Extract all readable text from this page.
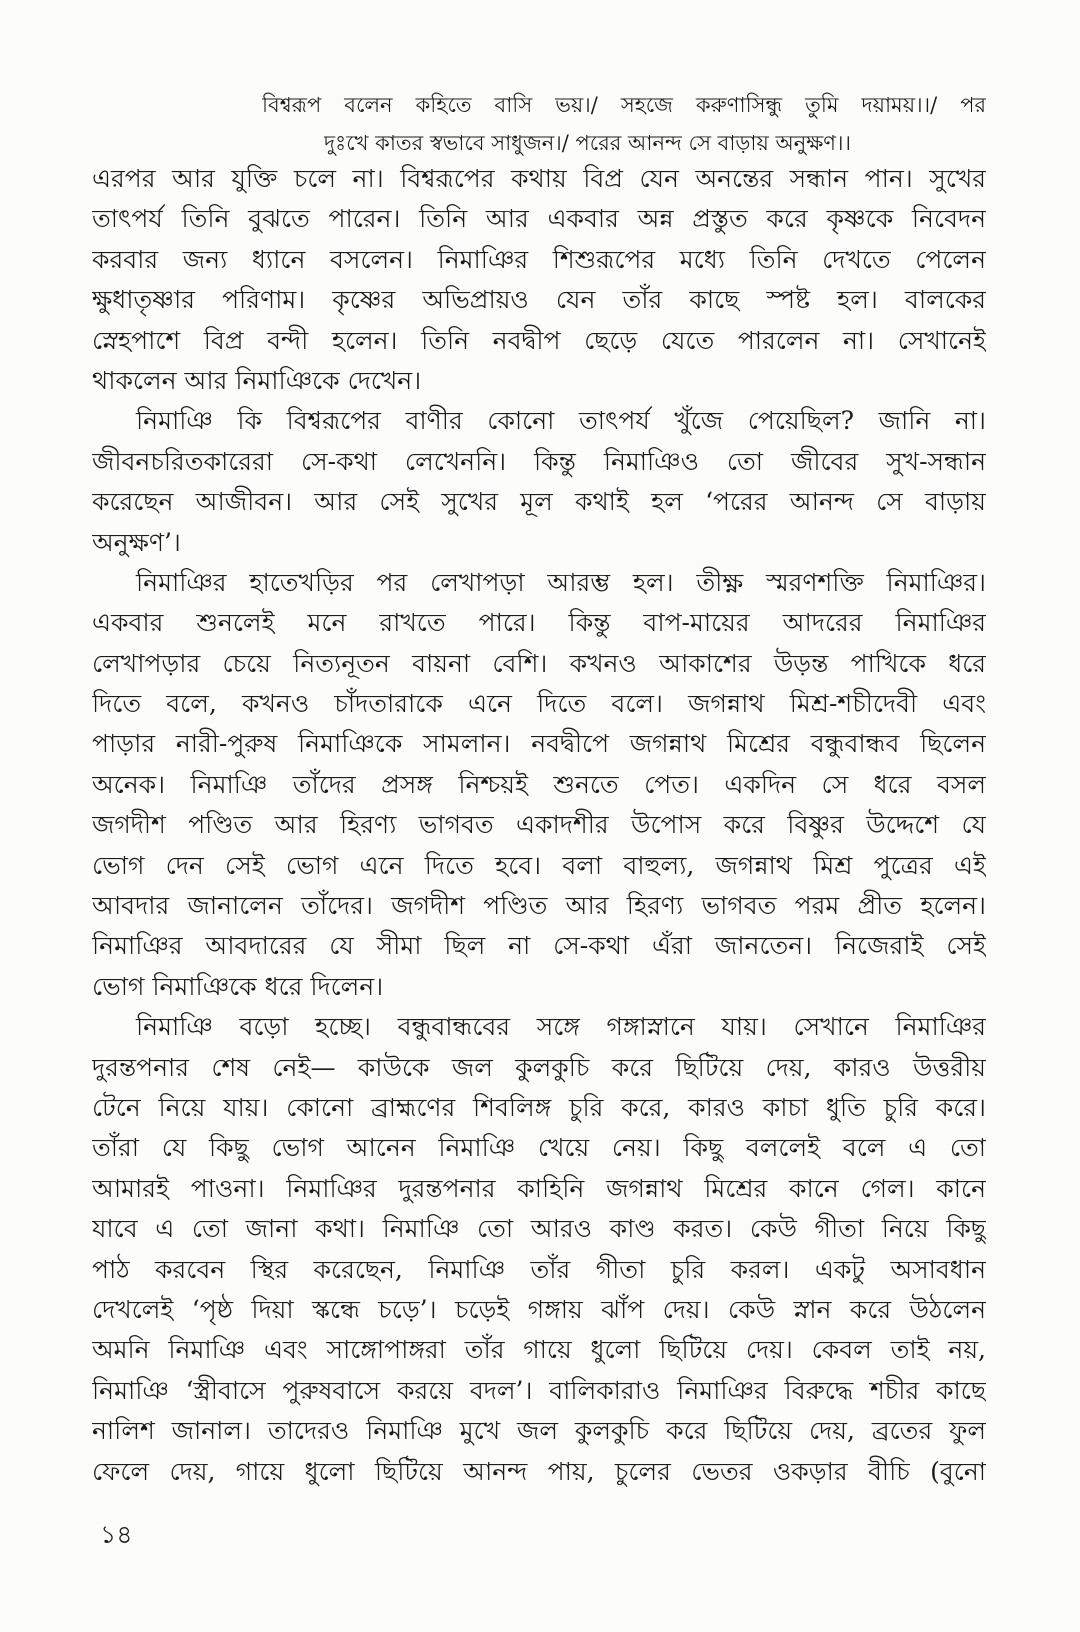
বিশ্বরূপ বলেন কহিতে বাসি ভয়।/ সহজে করুণাসিন্ধু তুমি দয়াময়।।/ পর
দুঃখে কাতর স্বভাবে সাধুজন।/ পরের আনন্দ সে বাড়ায় অনুক্ষণ।।
এরপর আর যুক্তি চলে না। বিশ্বরূপের কথায় বিপ্র যেন অনন্তের সন্ধান পান। সুখের
তাৎপর্য তিনি বুঝতে পারেন। তিনি আর একবার অন্ন প্রস্তুত করে কৃষ্ণকে নিবেদন
করবার জন্য ধ্যানে বসলেন। নিমাঞির শিশুরূপের মধ্যে তিনি দেখতে পেলেন
ক্ষুধাতৃষ্ণার পরিণাম। কৃষ্ণের অভিপ্রায়ও যেন তাঁর কাছে স্পষ্ট হল। বালকের
স্নেহপাশে বিপ্র বন্দী হলেন। তিনি নবদ্বীপ ছেড়ে যেতে পারলেন না। সেখানেই
থাকলেন আর নিমাঞিকে দেখেন।
নিমাঞি কি বিশ্বরূপের বাণীর কোনো তাৎপর্য খুঁজে পেয়েছিল? জানি না।
জীবনচরিতকারেরা সে-কথা লেখেননি। কিন্তু নিমাঞিও তো জীবের সুখ-সন্ধান
করেছেন আজীবন। আর সেই সুখের মূল কথাই হল ‘পরের আনন্দ সে বাড়ায়
অনুক্ষণ’।
নিমাঞির হাতেখড়ির পর লেখাপড়া আরম্ভ হল। তীক্ষ্ণ স্মরণশক্তি নিমাঞির।
একবার শুনলেই মনে রাখতে পারে। কিন্তু বাপ-মায়ের আদরের নিমাঞির
লেখাপড়ার চেয়ে নিত্যনূতন বায়না বেশি। কখনও আকাশের উড়ন্ত পাখিকে ধরে
দিতে বলে, কখনও চাঁদতারাকে এনে দিতে বলে। জগন্নাথ মিশ্র-শচীদেবী এবং
পাড়ার নারী-পুরুষ নিমাঞিকে সামলান। নবদ্বীপে জগন্নাথ মিশ্রের বন্ধুবান্ধব ছিলেন
অনেক। নিমাঞি তাঁদের প্রসঙ্গ নিশ্চয়ই শুনতে পেত। একদিন সে ধরে বসল
জগদীশ পণ্ডিত আর হিরণ্য ভাগবত একাদশীর উপোস করে বিষ্ণুর উদ্দেশে যে
ভোগ দেন সেই ভোগ এনে দিতে হবে। বলা বাহুল্য, জগন্নাথ মিশ্র পুত্রের এই
আবদার জানালেন তাঁদের। জগদীশ পণ্ডিত আর হিরণ্য ভাগবত পরম প্রীত হলেন।
নিমাঞির আবদারের যে সীমা ছিল না সে-কথা এঁরা জানতেন। নিজেরাই সেই
ভোগ নিমাঞিকে ধরে দিলেন।
নিমাঞি বড়ো হচ্ছে। বন্ধুবান্ধবের সঙ্গে গঙ্গাস্নানে যায়। সেখানে নিমাঞির
দুরন্তপনার শেষ নেই— কাউকে জল কুলকুচি করে ছিটিয়ে দেয়, কারও উত্তরীয়
টেনে নিয়ে যায়। কোনো ব্রাহ্মণের শিবলিঙ্গ চুরি করে, কারও কাচা ধুতি চুরি করে।
তাঁরা যে কিছু ভোগ আনেন নিমাঞি খেয়ে নেয়। কিছু বললেই বলে এ তো
আমারই পাওনা। নিমাঞির দুরন্তপনার কাহিনি জগন্নাথ মিশ্রের কানে গেল। কানে
যাবে এ তো জানা কথা। নিমাঞি তো আরও কাণ্ড করত। কেউ গীতা নিয়ে কিছু
পাঠ করবেন স্থির করেছেন, নিমাঞি তাঁর গীতা চুরি করল। একটু অসাবধান
দেখলেই ‘পৃষ্ঠ দিয়া স্কন্ধে চড়ে’। চড়েই গঙ্গায় ঝাঁপ দেয়। কেউ স্নান করে উঠলেন
অমনি নিমাঞি এবং সাঙ্গোপাঙ্গরা তাঁর গায়ে ধুলো ছিটিয়ে দেয়। কেবল তাই নয়,
নিমাঞি ‘স্ত্রীবাসে পুরুষবাসে করয়ে বদল’। বালিকারাও নিমাঞির বিরুদ্ধে শচীর কাছে
নালিশ জানাল। তাদেরও নিমাঞি মুখে জল কুলকুচি করে ছিটিয়ে দেয়, ব্রতের ফুল
ফেলে দেয়, গায়ে ধুলো ছিটিয়ে আনন্দ পায়, চুলের ভেতর ওকড়ার বীচি (বুনো
১৪
